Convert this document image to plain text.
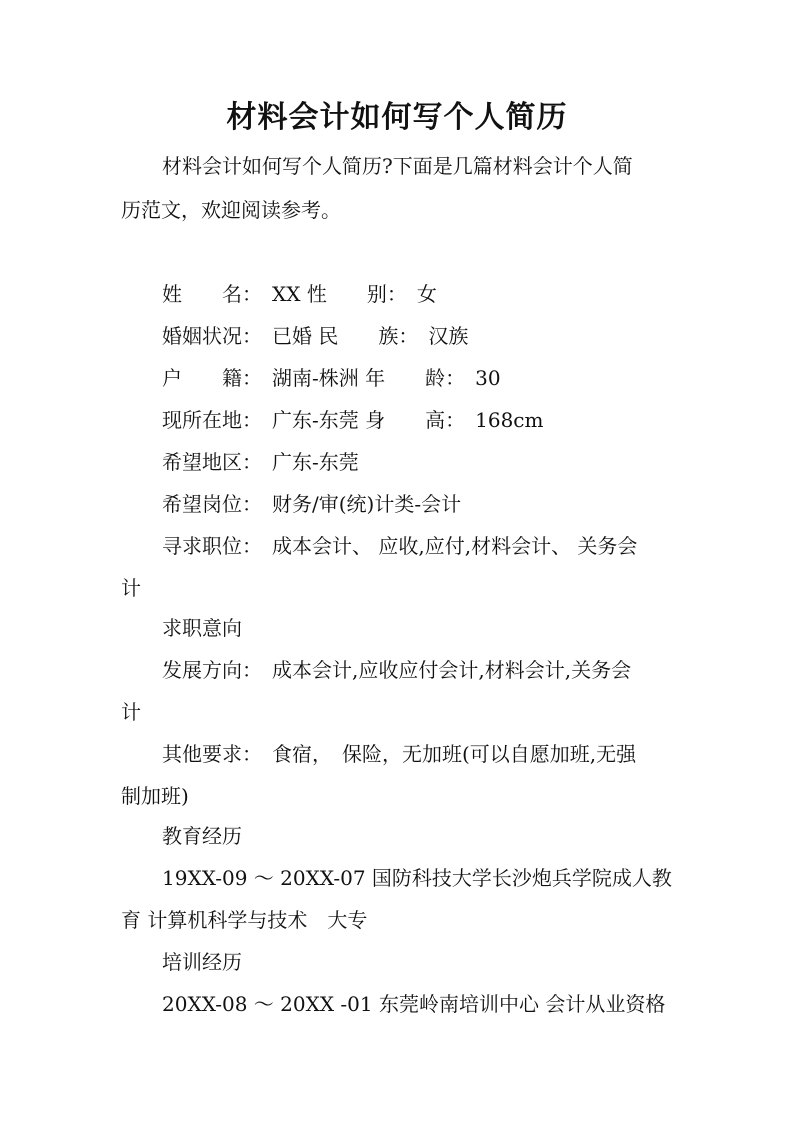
材料会计如何写个人简历
材料会计如何写个人简历?下面是几篇材料会计个人简
历范文，欢迎阅读参考。
姓　　名：　XX 性　　别：　女
婚姻状况：　已婚 民　　族：　汉族
户　　籍：　湖南-株洲 年　　龄：　30
现所在地：　广东-东莞 身　　高：　168cm
希望地区：　广东-东莞
希望岗位：　财务/审(统)计类-会计
寻求职位：　成本会计、 应收,应付,材料会计、 关务会
计
求职意向
发展方向：　成本会计,应收应付会计,材料会计,关务会
计
其他要求：　食宿，　保险，无加班(可以自愿加班,无强
制加班)
教育经历
19XX-09 ～ 20XX-07 国防科技大学长沙炮兵学院成人教
育 计算机科学与技术　大专
培训经历
20XX-08 ～ 20XX -01 东莞岭南培训中心 会计从业资格
